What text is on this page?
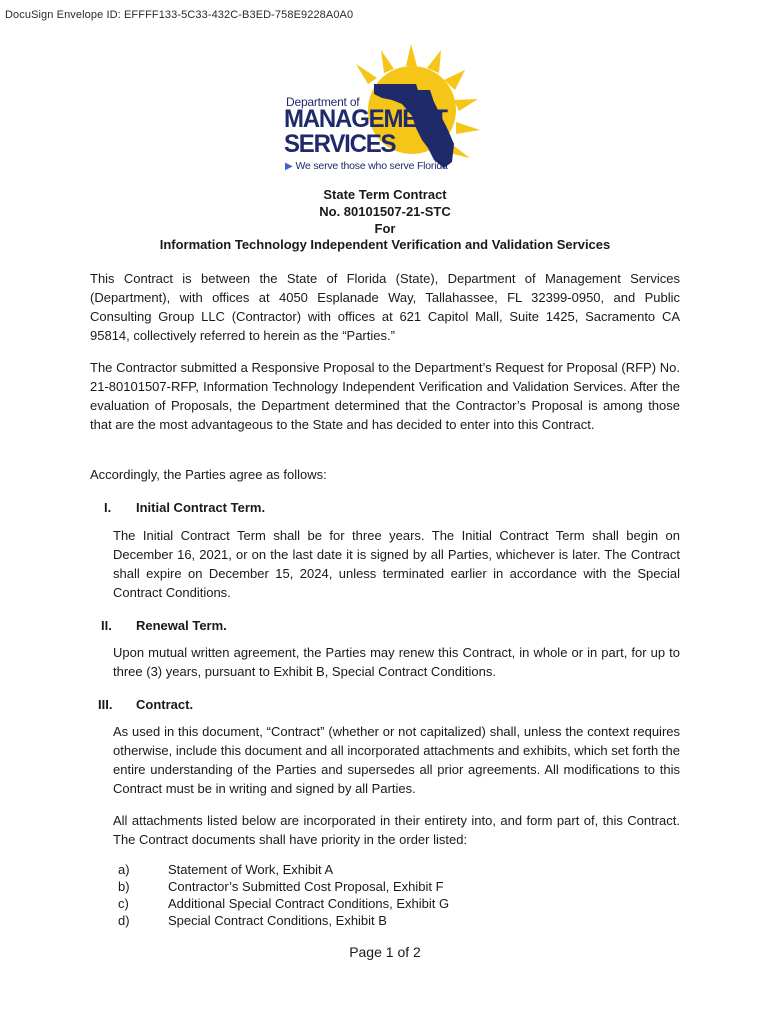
DocuSign Envelope ID: EFFFF133-5C33-432C-B3ED-758E9228A0A0
Department of
MANAGEMENT
SERVICES
▶ We serve those who serve Florida
State Term Contract
No. 80101507-21-STC
For
Information Technology Independent Verification and Validation Services
This Contract is between the State of Florida (State), Department of Management Services (Department), with offices at 4050 Esplanade Way, Tallahassee, FL 32399-0950, and Public Consulting Group LLC (Contractor) with offices at 621 Capitol Mall, Suite 1425, Sacramento CA 95814, collectively referred to herein as the “Parties.”
The Contractor submitted a Responsive Proposal to the Department’s Request for Proposal (RFP) No. 21-80101507-RFP, Information Technology Independent Verification and Validation Services. After the evaluation of Proposals, the Department determined that the Contractor’s Proposal is among those that are the most advantageous to the State and has decided to enter into this Contract.
Accordingly, the Parties agree as follows:
I. Initial Contract Term.
The Initial Contract Term shall be for three years. The Initial Contract Term shall begin on December 16, 2021, or on the last date it is signed by all Parties, whichever is later. The Contract shall expire on December 15, 2024, unless terminated earlier in accordance with the Special Contract Conditions.
II. Renewal Term.
Upon mutual written agreement, the Parties may renew this Contract, in whole or in part, for up to three (3) years, pursuant to Exhibit B, Special Contract Conditions.
III. Contract.
As used in this document, “Contract” (whether or not capitalized) shall, unless the context requires otherwise, include this document and all incorporated attachments and exhibits, which set forth the entire understanding of the Parties and supersedes all prior agreements. All modifications to this Contract must be in writing and signed by all Parties.
All attachments listed below are incorporated in their entirety into, and form part of, this Contract. The Contract documents shall have priority in the order listed:
a)	Statement of Work, Exhibit A
b)	Contractor’s Submitted Cost Proposal, Exhibit F
c)	Additional Special Contract Conditions, Exhibit G
d)	Special Contract Conditions, Exhibit B
Page 1 of 2
